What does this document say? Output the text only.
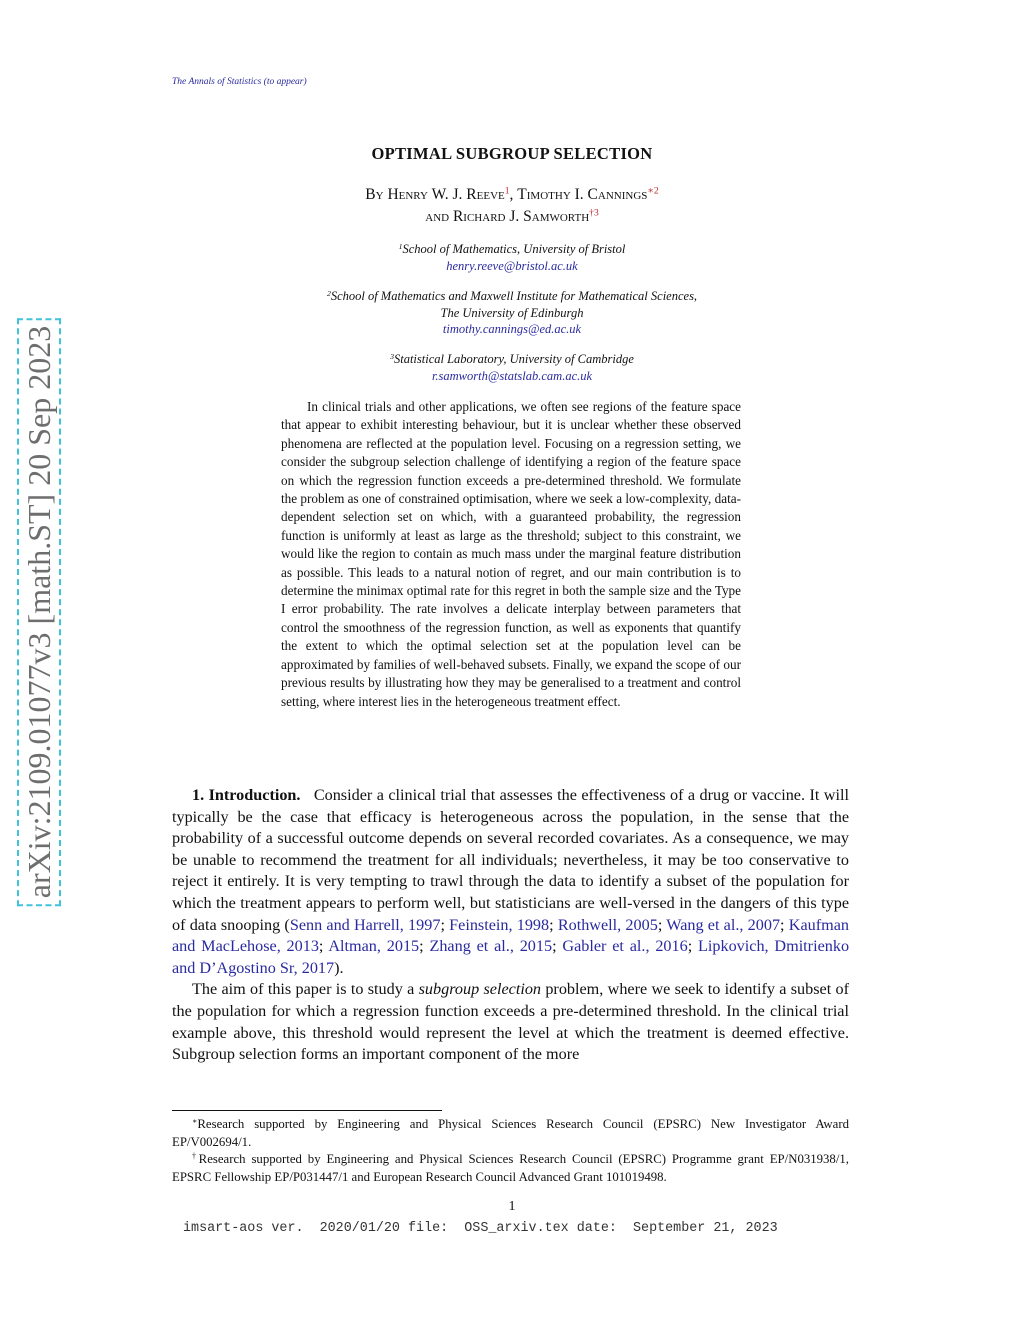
arXiv:2109.01077v3 [math.ST] 20 Sep 2023
The Annals of Statistics (to appear)
OPTIMAL SUBGROUP SELECTION
By Henry W. J. Reeve$^1$, Timothy I. Cannings$^{∗2}$
and Richard J. Samworth$^{\dagger 3}$
$^1$School of Mathematics, University of Bristol
henry.reeve@bristol.ac.uk
$^2$School of Mathematics and Maxwell Institute for Mathematical Sciences,
The University of Edinburgh
timothy.cannings@ed.ac.uk
$^3$Statistical Laboratory, University of Cambridge
r.samworth@statslab.cam.ac.uk
In clinical trials and other applications, we often see regions of the feature space that appear to exhibit interesting behaviour, but it is unclear whether these observed phenomena are reflected at the population level. Focusing on a regression setting, we consider the subgroup selection challenge of identifying a region of the feature space on which the regression function exceeds a pre-determined threshold. We formulate the problem as one of constrained optimisation, where we seek a low-complexity, data-dependent selection set on which, with a guaranteed probability, the regression function is uniformly at least as large as the threshold; subject to this constraint, we would like the region to contain as much mass under the marginal feature distribution as possible. This leads to a natural notion of regret, and our main contribution is to determine the minimax optimal rate for this regret in both the sample size and the Type I error probability. The rate involves a delicate interplay between parameters that control the smoothness of the regression function, as well as exponents that quantify the extent to which the optimal selection set at the population level can be approximated by families of well-behaved subsets. Finally, we expand the scope of our previous results by illustrating how they may be generalised to a treatment and control setting, where interest lies in the heterogeneous treatment effect.

1. Introduction. Consider a clinical trial that assesses the effectiveness of a drug or vaccine. It will typically be the case that efficacy is heterogeneous across the population, in the sense that the probability of a successful outcome depends on several recorded covariates. As a consequence, we may be unable to recommend the treatment for all individuals; nevertheless, it may be too conservative to reject it entirely. It is very tempting to trawl through the data to identify a subset of the population for which the treatment appears to perform well, but statisticians are well-versed in the dangers of this type of data snooping (Senn and Harrell, 1997; Feinstein, 1998; Rothwell, 2005; Wang et al., 2007; Kaufman and MacLehose, 2013; Altman, 2015; Zhang et al., 2015; Gabler et al., 2016; Lipkovich, Dmitrienko and D’Agostino Sr, 2017).

The aim of this paper is to study a subgroup selection problem, where we seek to identify a subset of the population for which a regression function exceeds a pre-determined threshold. In the clinical trial example above, this threshold would represent the level at which the treatment is deemed effective. Subgroup selection forms an important component of the more

∗Research supported by Engineering and Physical Sciences Research Council (EPSRC) New Investigator Award EP/V002694/1.

†Research supported by Engineering and Physical Sciences Research Council (EPSRC) Programme grant EP/N031938/1, EPSRC Fellowship EP/P031447/1 and European Research Council Advanced Grant 101019498.

1
imsart-aos ver.  2020/01/20 file:  OSS_arxiv.tex date:  September 21, 2023
